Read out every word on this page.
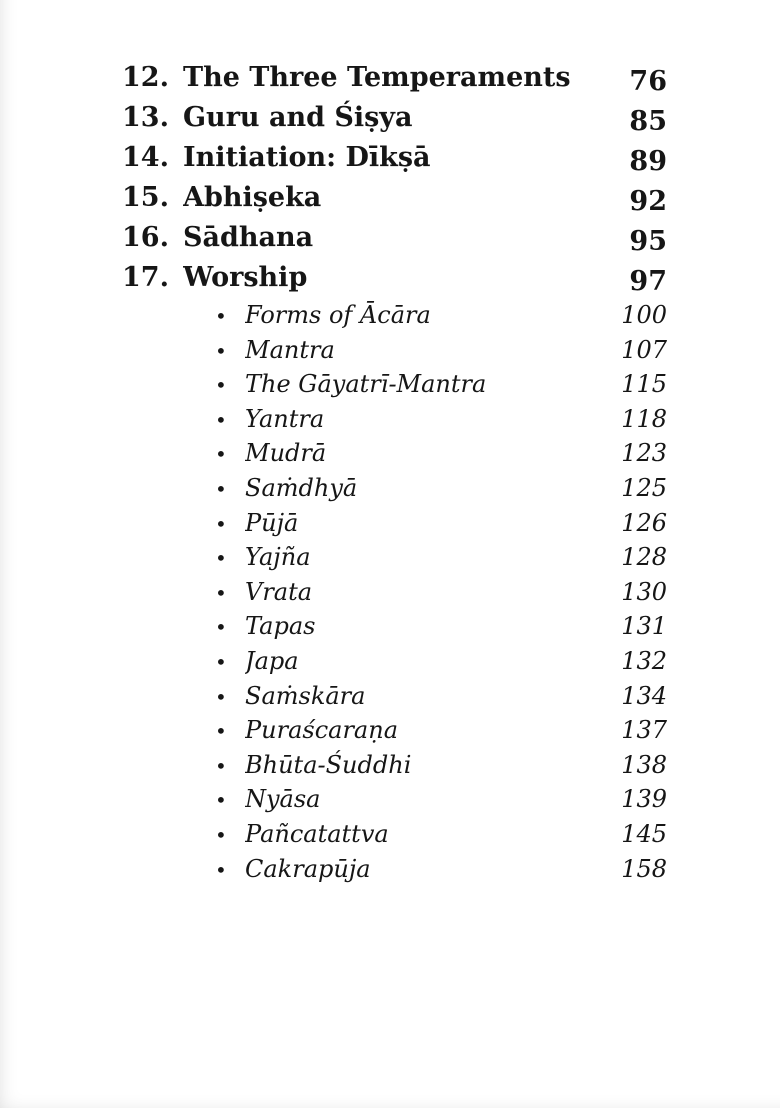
12. The Three Temperaments	76
13. Guru and Śiṣya	85
14. Initiation: Dīkṣā	89
15. Abhiṣeka	92
16. Sādhana	95
17. Worship	97
• Forms of Ācāra	100
• Mantra	107
• The Gāyatrī-Mantra	115
• Yantra	118
• Mudrā	123
• Saṁdhyā	125
• Pūjā	126
• Yajña	128
• Vrata	130
• Tapas	131
• Japa	132
• Saṁskāra	134
• Puraścaraṇa	137
• Bhūta-Śuddhi	138
• Nyāsa	139
• Pañcatattva	145
• Cakrapūja	158
